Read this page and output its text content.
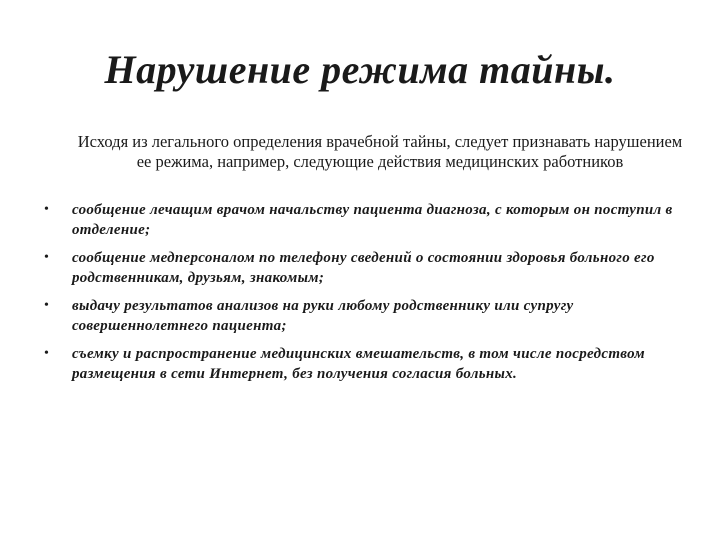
Нарушение режима тайны.
Исходя из легального определения врачебной тайны, следует признавать нарушением ее режима, например, следующие действия медицинских работников
•	сообщение лечащим врачом начальству пациента диагноза, с которым он поступил в отделение;
•	сообщение медперсоналом по телефону сведений о состоянии здоровья больного его родственникам, друзьям, знакомым;
•	выдачу результатов анализов на руки любому родственнику или супругу совершеннолетнего пациента;
•	съемку и распространение медицинских вмешательств, в том числе посредством размещения в сети Интернет, без получения согласия больных.
